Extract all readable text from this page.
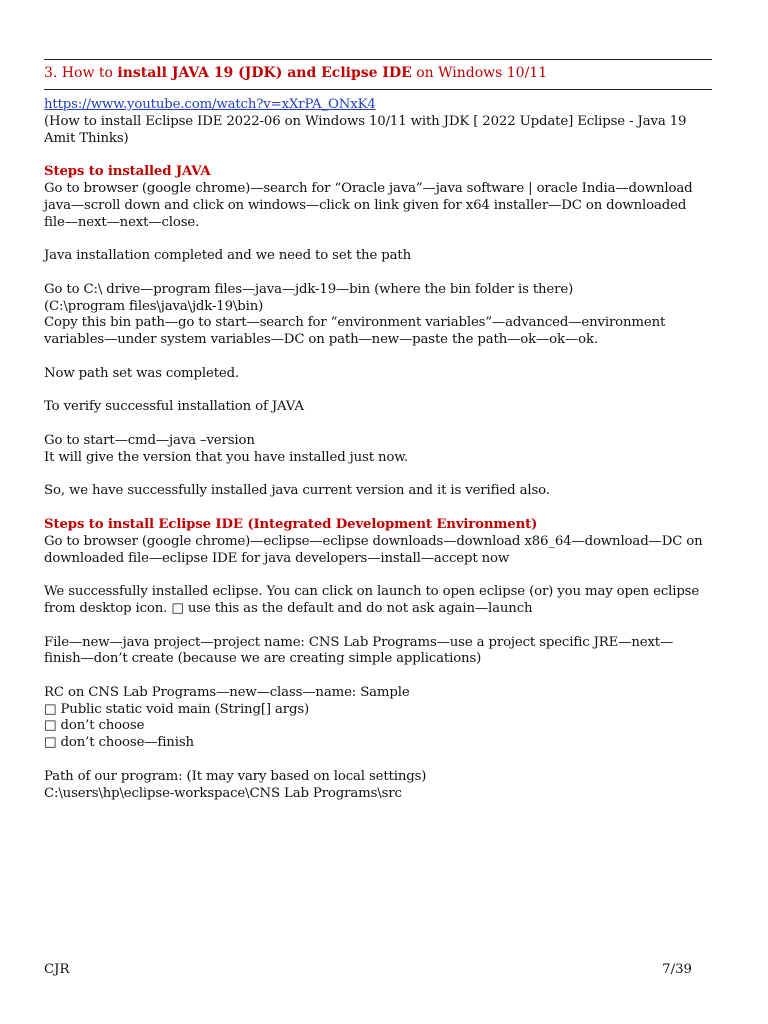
3. How to install JAVA 19 (JDK) and Eclipse IDE on Windows 10/11
https://www.youtube.com/watch?v=xXrPA_ONxK4
(How to install Eclipse IDE 2022-06 on Windows 10/11 with JDK [ 2022 Update] Eclipse - Java 19
Amit Thinks)
Steps to installed JAVA
Go to browser (google chrome)—search for “Oracle java”—java software | oracle India—download
java—scroll down and click on windows—click on link given for x64 installer—DC on downloaded
file—next—next—close.
Java installation completed and we need to set the path
Go to C:\ drive—program files—java—jdk-19—bin (where the bin folder is there)
(C:\program files\java\jdk-19\bin)
Copy this bin path—go to start—search for “environment variables”—advanced—environment
variables—under system variables—DC on path—new—paste the path—ok—ok—ok.
Now path set was completed.
To verify successful installation of JAVA
Go to start—cmd—java –version
It will give the version that you have installed just now.
So, we have successfully installed java current version and it is verified also.
Steps to install Eclipse IDE (Integrated Development Environment)
Go to browser (google chrome)—eclipse—eclipse downloads—download x86_64—download—DC on
downloaded file—eclipse IDE for java developers—install—accept now
We successfully installed eclipse. You can click on launch to open eclipse (or) you may open eclipse
from desktop icon. □ use this as the default and do not ask again—launch
File—new—java project—project name: CNS Lab Programs—use a project specific JRE—next—
finish—don’t create (because we are creating simple applications)
RC on CNS Lab Programs—new—class—name: Sample
□ Public static void main (String[] args)
□ don’t choose
□ don’t choose—finish
Path of our program: (It may vary based on local settings)
C:\users\hp\eclipse-workspace\CNS Lab Programs\src
CJR	7/39
